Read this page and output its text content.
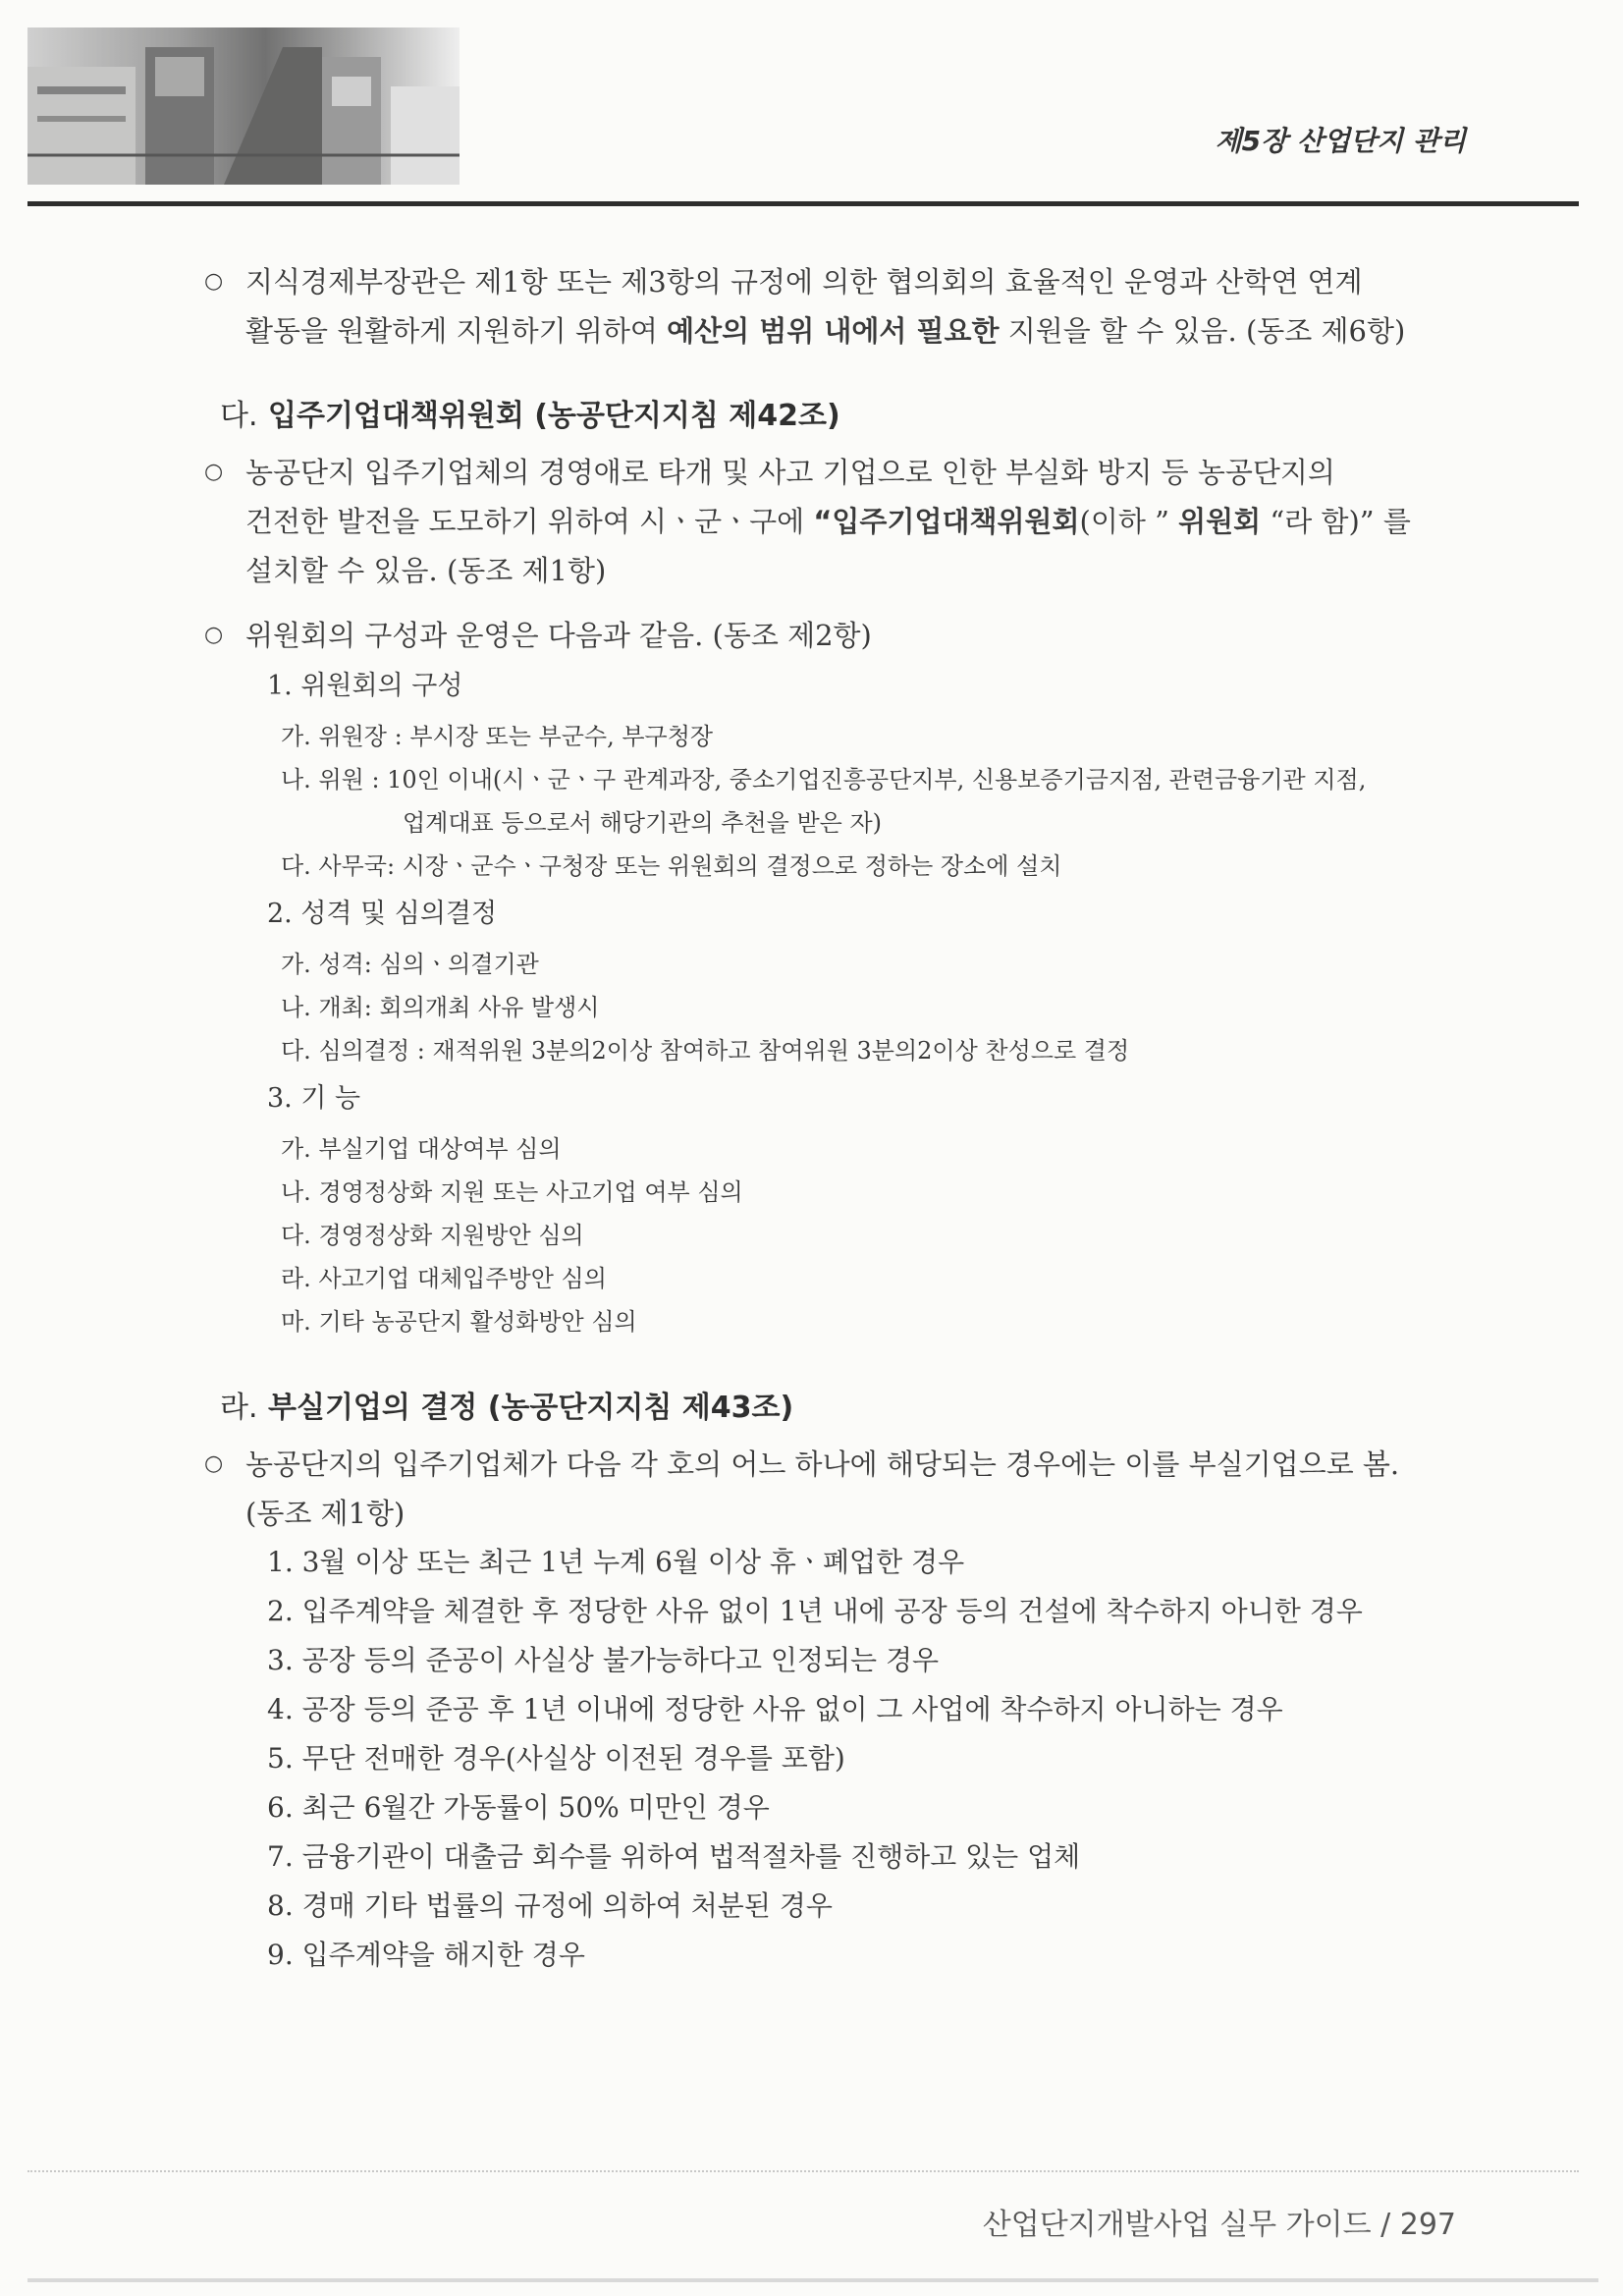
제5장 산업단지 관리
○ 지식경제부장관은 제1항 또는 제3항의 규정에 의한 협의회의 효율적인 운영과 산학연 연계
활동을 원활하게 지원하기 위하여 예산의 범위 내에서 필요한 지원을 할 수 있음. (동조 제6항)
다. 입주기업대책위원회 (농공단지지침 제42조)
○ 농공단지 입주기업체의 경영애로 타개 및 사고 기업으로 인한 부실화 방지 등 농공단지의
건전한 발전을 도모하기 위하여 시ㆍ군ㆍ구에 “입주기업대책위원회(이하 ” 위원회 “라 함)” 를
설치할 수 있음. (동조 제1항)
○ 위원회의 구성과 운영은 다음과 같음. (동조 제2항)
1. 위원회의 구성
가. 위원장 : 부시장 또는 부군수, 부구청장
나. 위원 : 10인 이내(시ㆍ군ㆍ구 관계과장, 중소기업진흥공단지부, 신용보증기금지점, 관련금융기관 지점,
업계대표 등으로서 해당기관의 추천을 받은 자)
다. 사무국: 시장ㆍ군수ㆍ구청장 또는 위원회의 결정으로 정하는 장소에 설치
2. 성격 및 심의결정
가. 성격: 심의ㆍ의결기관
나. 개최: 회의개최 사유 발생시
다. 심의결정 : 재적위원 3분의2이상 참여하고 참여위원 3분의2이상 찬성으로 결정
3. 기 능
가. 부실기업 대상여부 심의
나. 경영정상화 지원 또는 사고기업 여부 심의
다. 경영정상화 지원방안 심의
라. 사고기업 대체입주방안 심의
마. 기타 농공단지 활성화방안 심의
라. 부실기업의 결정 (농공단지지침 제43조)
○ 농공단지의 입주기업체가 다음 각 호의 어느 하나에 해당되는 경우에는 이를 부실기업으로 봄.
(동조 제1항)
1. 3월 이상 또는 최근 1년 누계 6월 이상 휴ㆍ폐업한 경우
2. 입주계약을 체결한 후 정당한 사유 없이 1년 내에 공장 등의 건설에 착수하지 아니한 경우
3. 공장 등의 준공이 사실상 불가능하다고 인정되는 경우
4. 공장 등의 준공 후 1년 이내에 정당한 사유 없이 그 사업에 착수하지 아니하는 경우
5. 무단 전매한 경우(사실상 이전된 경우를 포함)
6. 최근 6월간 가동률이 50% 미만인 경우
7. 금융기관이 대출금 회수를 위하여 법적절차를 진행하고 있는 업체
8. 경매 기타 법률의 규정에 의하여 처분된 경우
9. 입주계약을 해지한 경우
산업단지개발사업 실무 가이드 / 297
